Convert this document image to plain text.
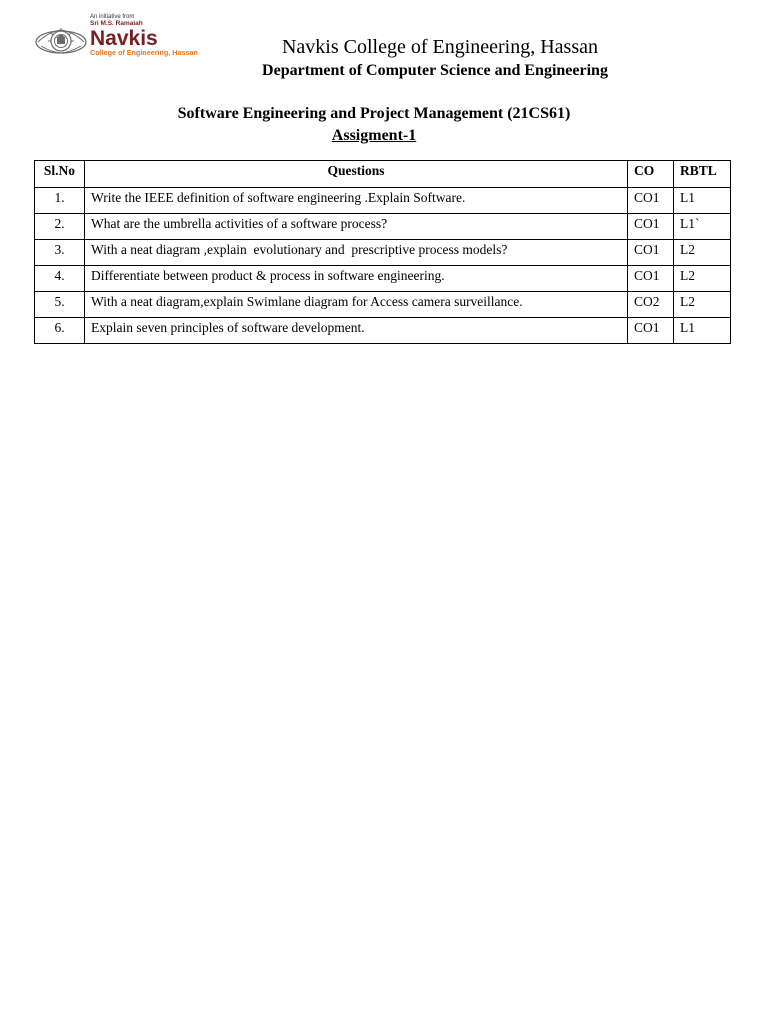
An initiative from
Sri M.S. Ramaiah
Navkis
College of Engineering, Hassan	Navkis College of Engineering, Hassan
Department of Computer Science and Engineering
Software Engineering and Project Management (21CS61)
Assigment-1
Sl.No	Questions	CO	RBTL
1.	Write the IEEE definition of software engineering .Explain Software.	CO1	L1
2.	What are the umbrella activities of a software process?	CO1	L1`
3.	With a neat diagram ,explain  evolutionary and  prescriptive process models?	CO1	L2
4.	Differentiate between product & process in software engineering.	CO1	L2
5.	With a neat diagram,explain Swimlane diagram for Access camera surveillance.	CO2	L2
6.	Explain seven principles of software development.	CO1	L1
